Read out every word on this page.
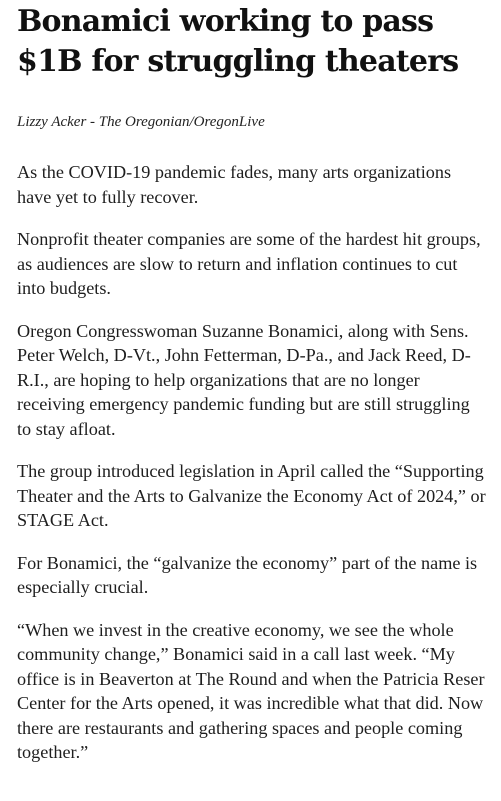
Bonamici working to pass $1B for struggling theaters

Lizzy Acker - The Oregonian/OregonLive

As the COVID-19 pandemic fades, many arts organizations have yet to fully recover.

Nonprofit theater companies are some of the hardest hit groups, as audiences are slow to return and inflation continues to cut into budgets.

Oregon Congresswoman Suzanne Bonamici, along with Sens. Peter Welch, D-Vt., John Fetterman, D-Pa., and Jack Reed, D-R.I., are hoping to help organizations that are no longer receiving emergency pandemic funding but are still struggling to stay afloat.

The group introduced legislation in April called the “Supporting Theater and the Arts to Galvanize the Economy Act of 2024,” or STAGE Act.

For Bonamici, the “galvanize the economy” part of the name is especially crucial.

“When we invest in the creative economy, we see the whole community change,” Bonamici said in a call last week. “My office is in Beaverton at The Round and when the Patricia Reser Center for the Arts opened, it was incredible what that did. Now there are restaurants and gathering spaces and people coming together.”
